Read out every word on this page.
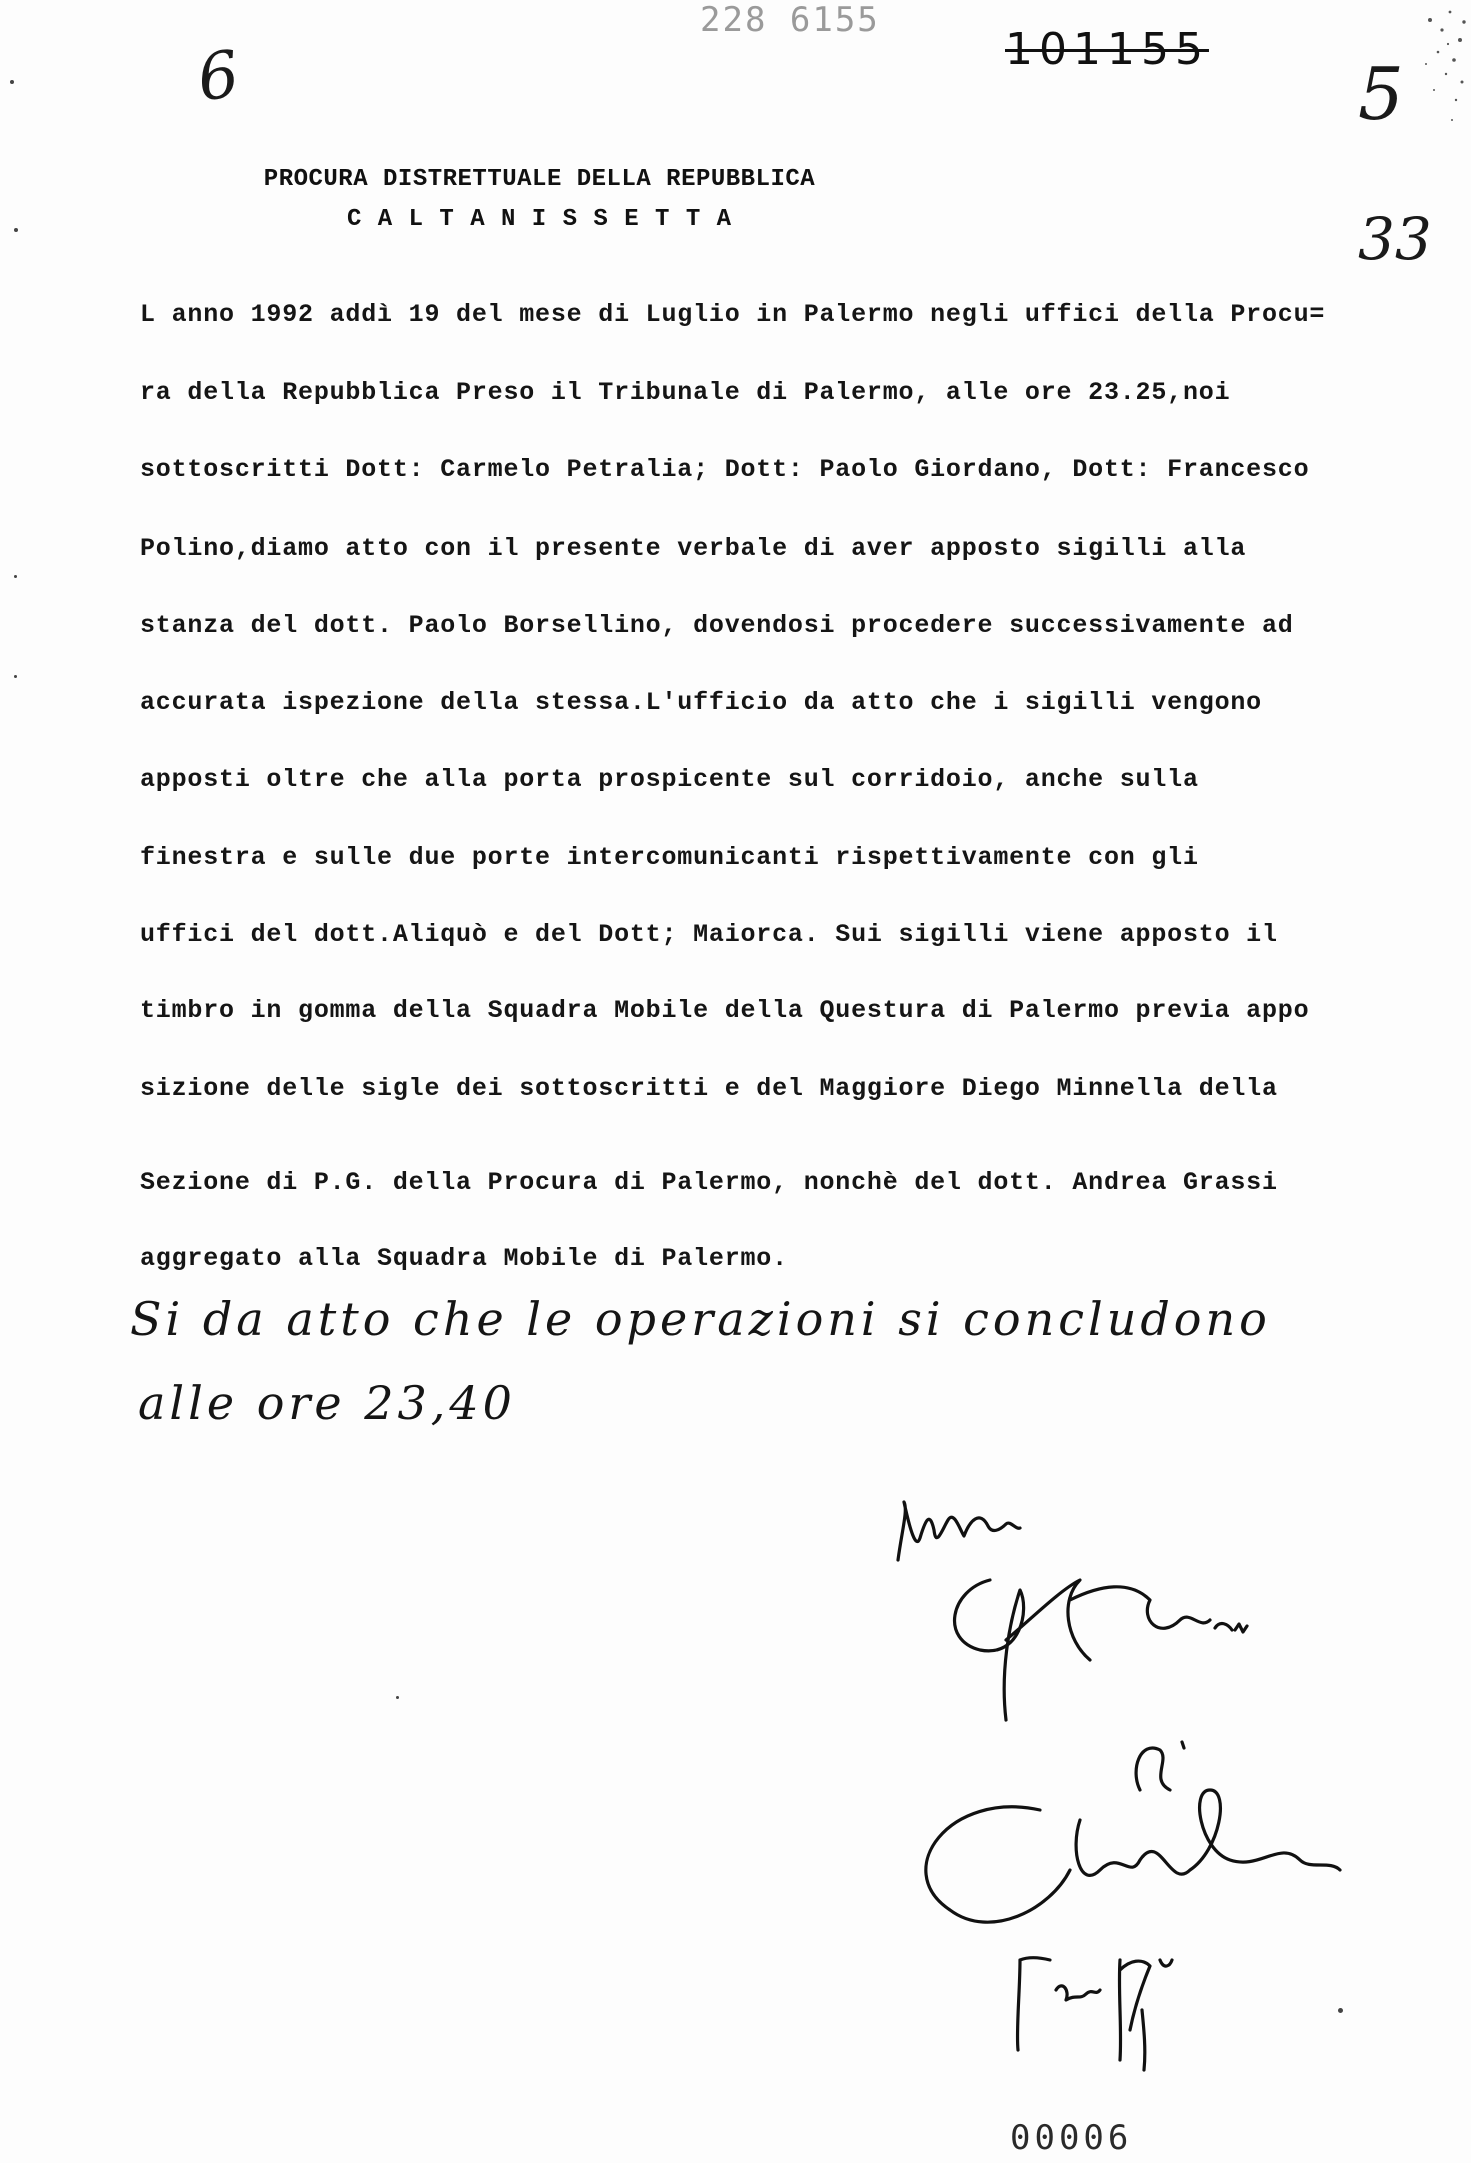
6
228 6155
101155
5
33
PROCURA DISTRETTUALE DELLA REPUBBLICA
C A L T A N I S S E T T A
L anno 1992 addì 19 del mese di Luglio in Palermo negli uffici della Procu=
ra della Repubblica Preso il Tribunale di Palermo, alle ore 23.25,noi
sottoscritti Dott: Carmelo Petralia; Dott: Paolo Giordano, Dott: Francesco
Polino,diamo atto con il presente verbale di aver apposto sigilli alla
stanza del dott. Paolo Borsellino, dovendosi procedere successivamente ad
accurata ispezione della stessa.L'ufficio da atto che i sigilli vengono
apposti oltre che alla porta prospicente sul corridoio, anche sulla
finestra e sulle due porte intercomunicanti rispettivamente con gli
uffici del dott.Aliquò e del Dott; Maiorca. Sui sigilli viene apposto il
timbro in gomma della Squadra Mobile della Questura di Palermo previa appo
sizione delle sigle dei sottoscritti e del Maggiore Diego Minnella della
Sezione di P.G. della Procura di Palermo, nonchè del dott. Andrea Grassi
aggregato alla Squadra Mobile di Palermo.
Si da atto che le operazioni si concludono
alle ore 23,40
00006
